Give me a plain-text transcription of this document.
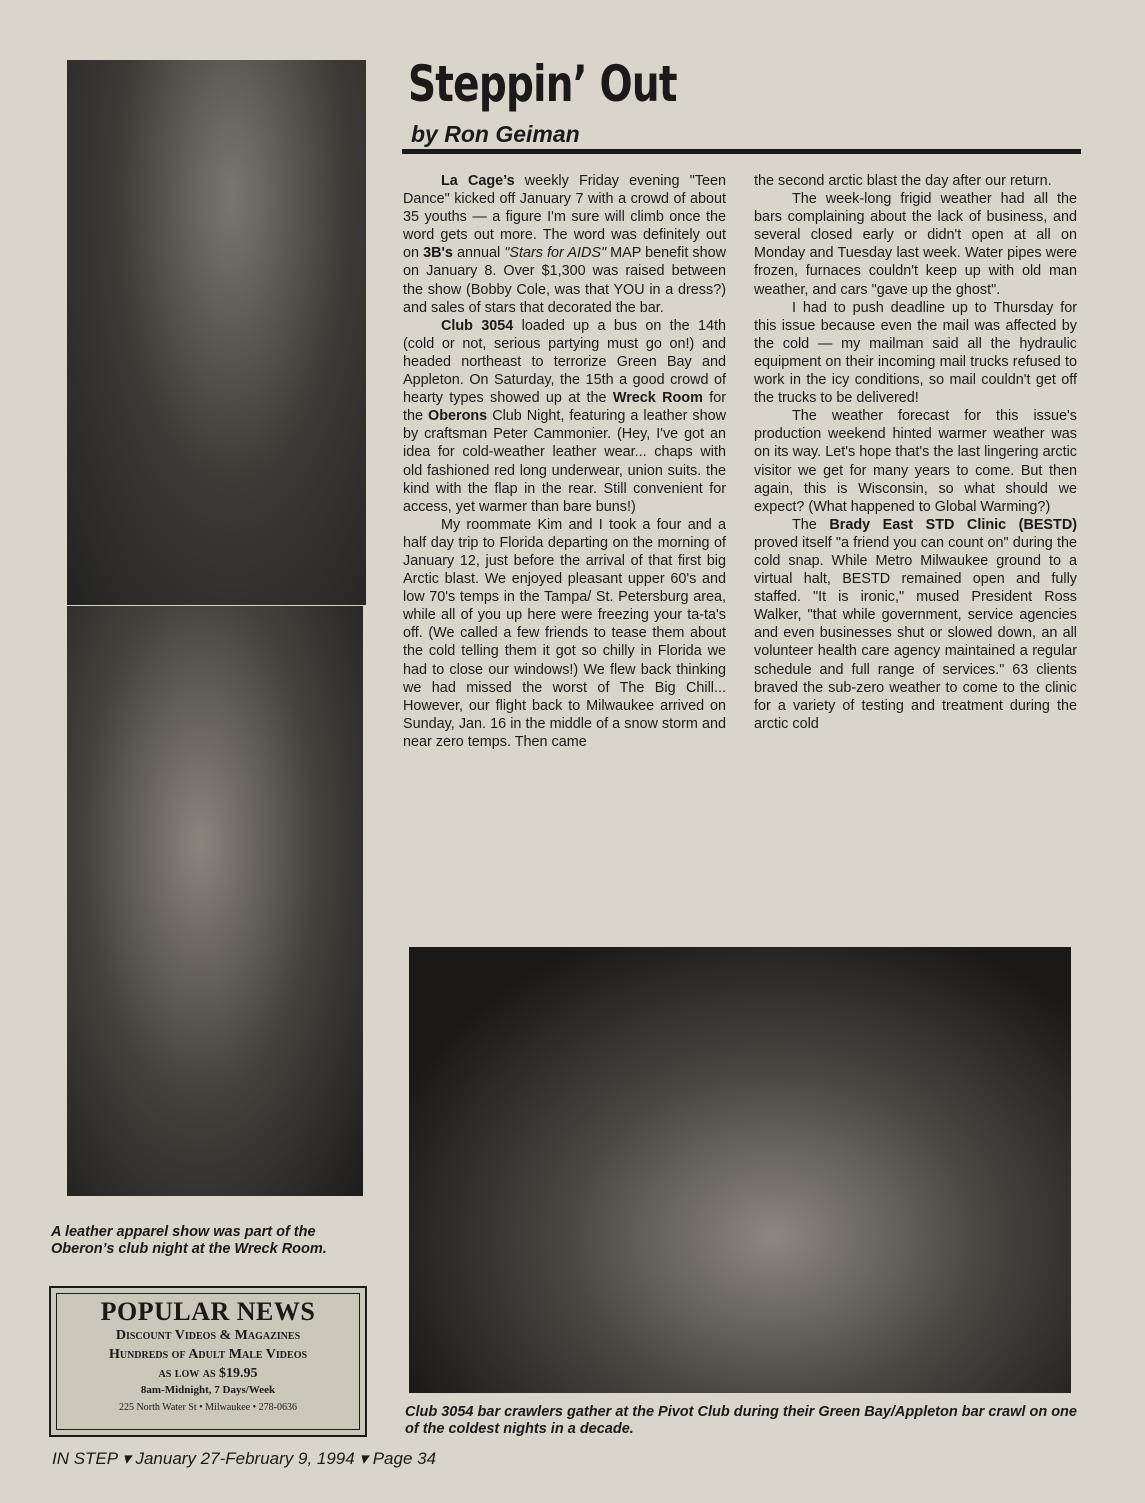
A leather apparel show was part of the Oberon’s club night at the Wreck Room.
POPULAR NEWS
Discount Videos & Magazines
Hundreds of Adult Male Videos
as low as $19.95
8am-Midnight, 7 Days/Week
225 North Water St • Milwaukee • 278-0636
Steppin’ Out
by Ron Geiman

La Cage’s weekly Friday evening "Teen Dance" kicked off January 7 with a crowd of about 35 youths — a figure I'm sure will climb once the word gets out more. The word was definitely out on 3B's annual "Stars for AIDS" MAP benefit show on January 8. Over $1,300 was raised between the show (Bobby Cole, was that YOU in a dress?) and sales of stars that decorated the bar.

Club 3054 loaded up a bus on the 14th (cold or not, serious partying must go on!) and headed northeast to terrorize Green Bay and Appleton. On Saturday, the 15th a good crowd of hearty types showed up at the Wreck Room for the Oberons Club Night, featuring a leather show by craftsman Peter Cammonier. (Hey, I've got an idea for cold-weather leather wear... chaps with old fashioned red long underwear, union suits. the kind with the flap in the rear. Still convenient for access, yet warmer than bare buns!)

My roommate Kim and I took a four and a half day trip to Florida departing on the morning of January 12, just before the arrival of that first big Arctic blast. We enjoyed pleasant upper 60's and low 70's temps in the Tampa/ St. Petersburg area, while all of you up here were freezing your ta-ta's off. (We called a few friends to tease them about the cold telling them it got so chilly in Florida we had to close our windows!) We flew back thinking we had missed the worst of The Big Chill... However, our flight back to Milwaukee arrived on Sunday, Jan. 16 in the middle of a snow storm and near zero temps. Then came

the second arctic blast the day after our return.

The week-long frigid weather had all the bars complaining about the lack of business, and several closed early or didn't open at all on Monday and Tuesday last week. Water pipes were frozen, furnaces couldn't keep up with old man weather, and cars "gave up the ghost".

I had to push deadline up to Thursday for this issue because even the mail was affected by the cold — my mailman said all the hydraulic equipment on their incoming mail trucks refused to work in the icy conditions, so mail couldn't get off the trucks to be delivered!

The weather forecast for this issue's production weekend hinted warmer weather was on its way. Let's hope that's the last lingering arctic visitor we get for many years to come. But then again, this is Wisconsin, so what should we expect? (What happened to Global Warming?)

The Brady East STD Clinic (BESTD) proved itself "a friend you can count on" during the cold snap. While Metro Milwaukee ground to a virtual halt, BESTD remained open and fully staffed. "It is ironic," mused President Ross Walker, "that while government, service agencies and even businesses shut or slowed down, an all volunteer health care agency maintained a regular schedule and full range of services." 63 clients braved the sub-zero weather to come to the clinic for a variety of testing and treatment during the arctic cold

Club 3054 bar crawlers gather at the Pivot Club during their Green Bay/Appleton bar crawl on one of the coldest nights in a decade.
IN STEP ▾ January 27-February 9, 1994 ▾ Page 34
